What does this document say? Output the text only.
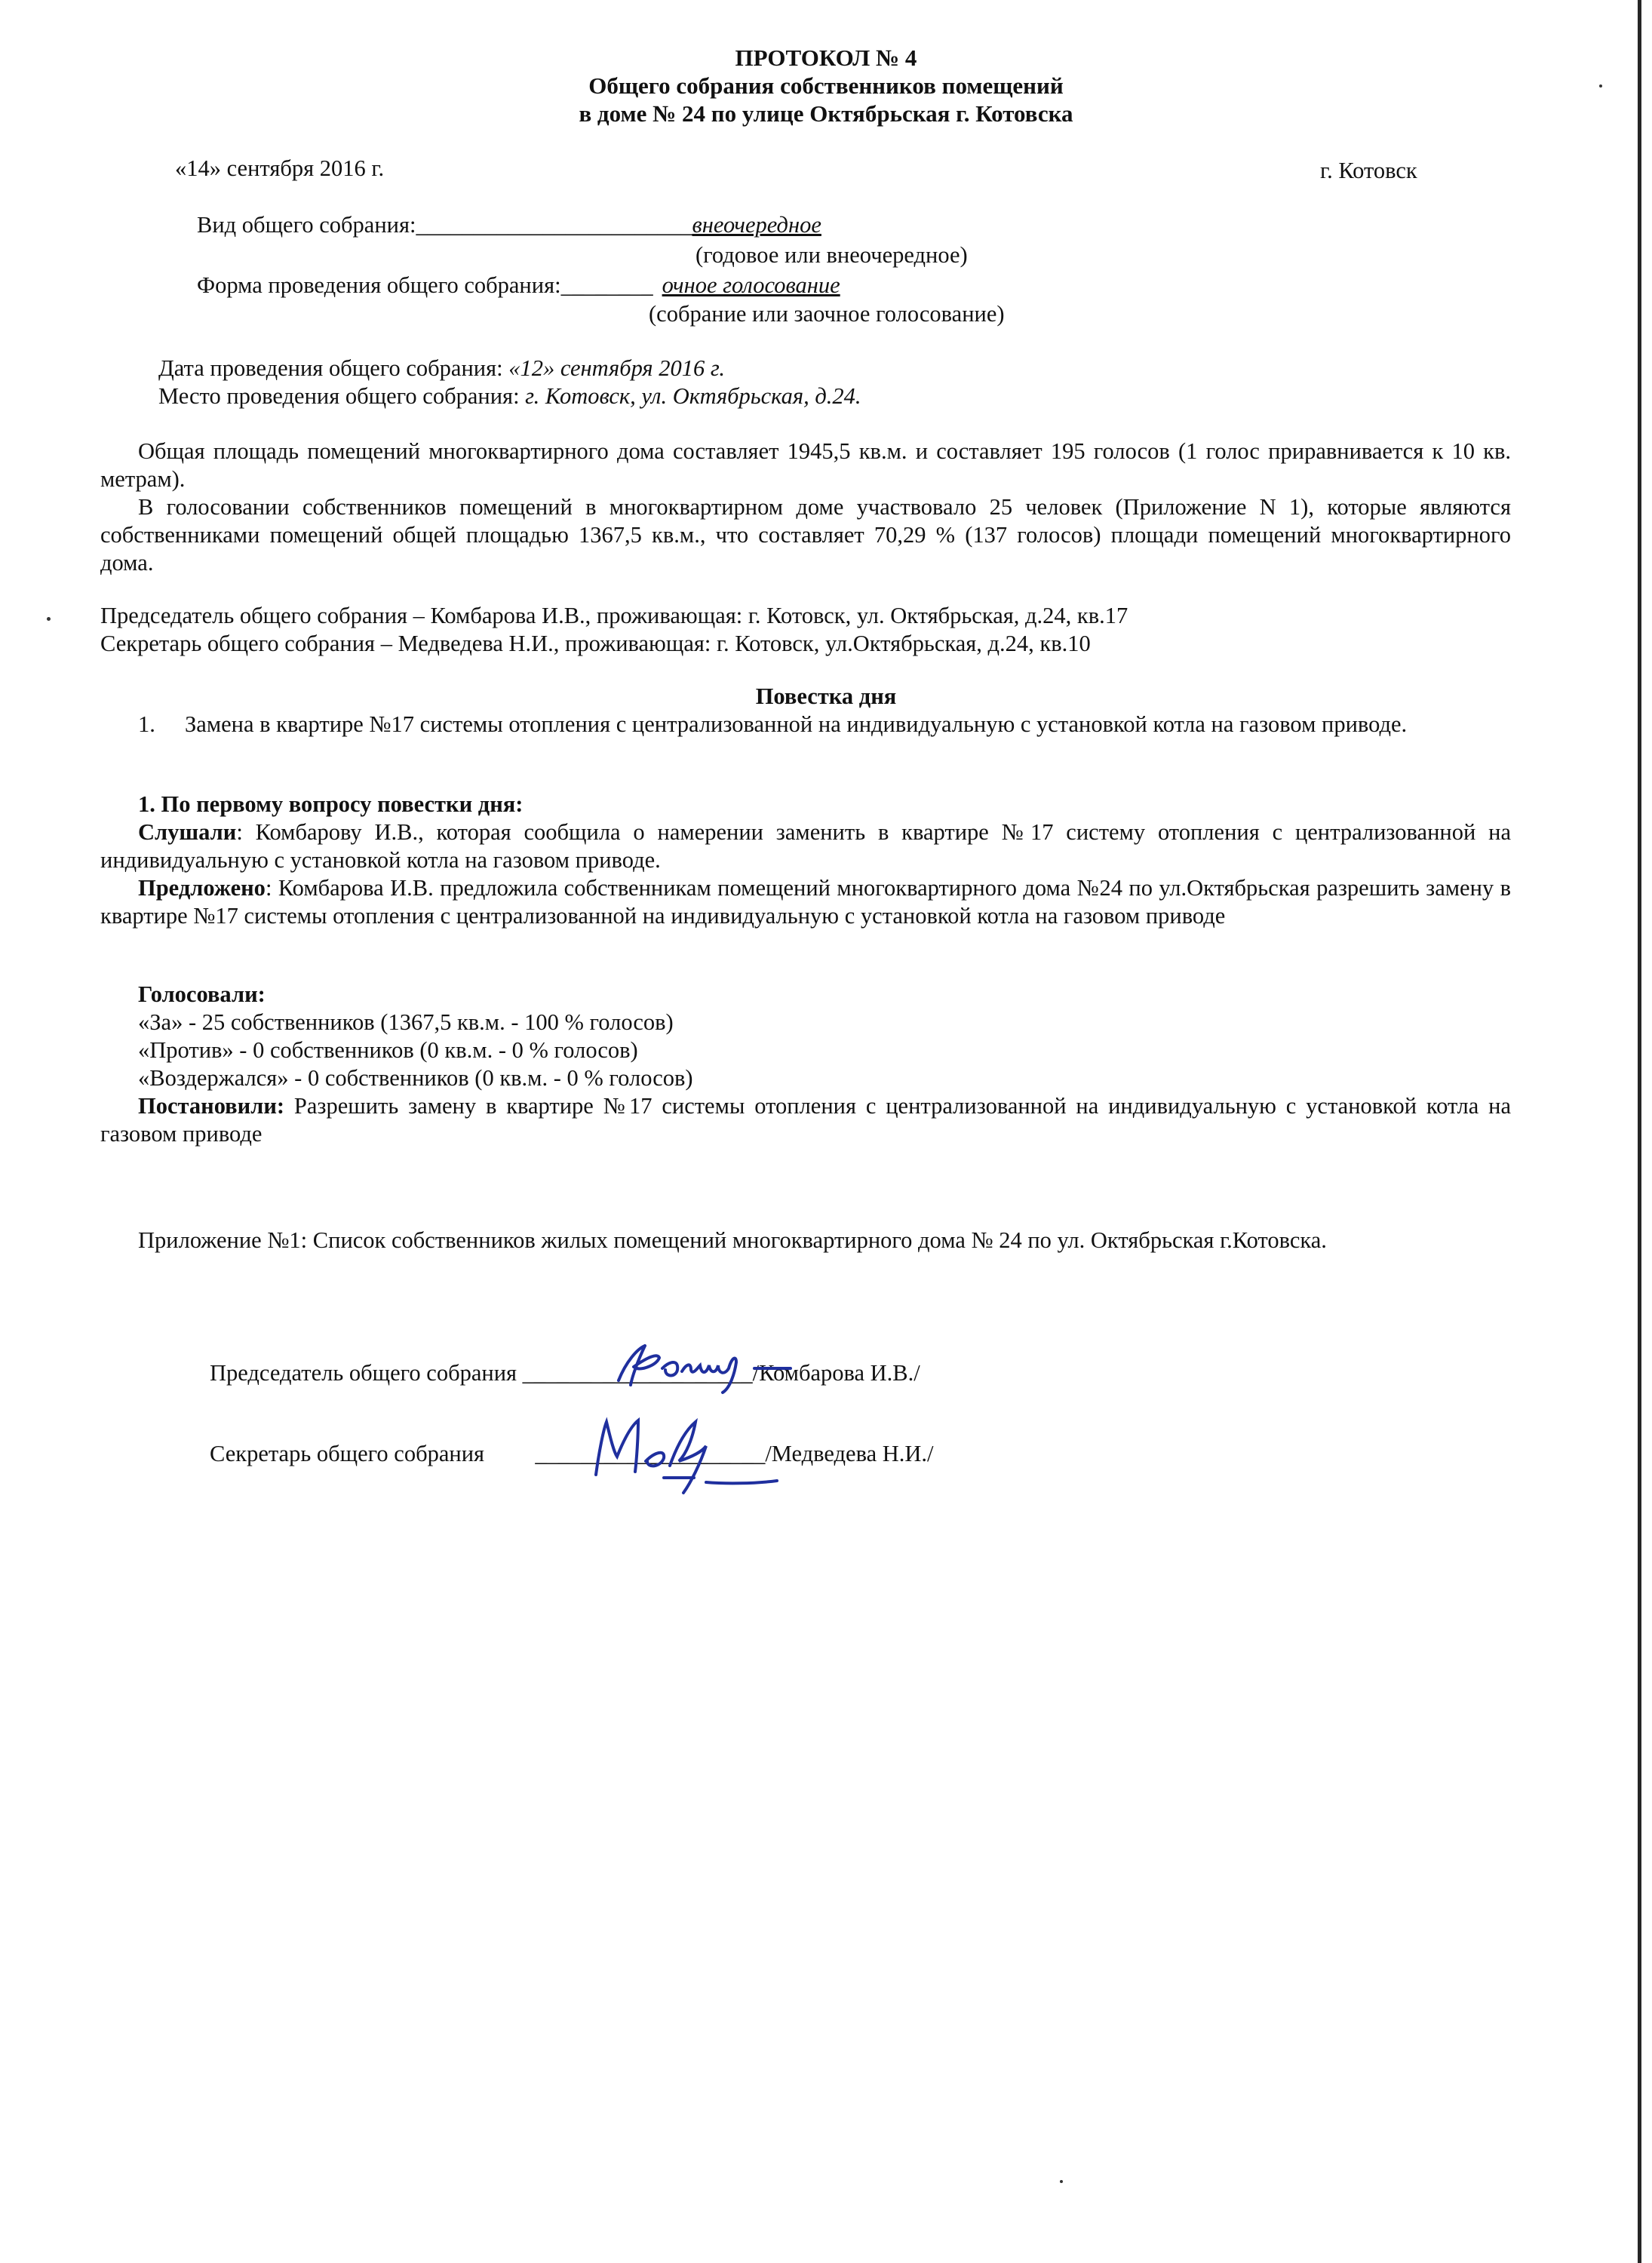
ПРОТОКОЛ № 4
Общего собрания собственников помещений
в доме № 24 по улице Октябрьская г. Котовска
«14» сентября 2016 г.	г. Котовск
Вид общего собрания:________________________внеочередное
(годовое или внеочередное)
Форма проведения общего собрания:________ очное голосование
(собрание или заочное голосование)
Дата проведения общего собрания: «12» сентября 2016 г.
Место проведения общего собрания: г. Котовск, ул. Октябрьская, д.24.
Общая площадь помещений многоквартирного дома составляет 1945,5 кв.м. и составляет 195 голосов (1 голос приравнивается к 10 кв. метрам).
В голосовании собственников помещений в многоквартирном доме участвовало 25 человек (Приложение N 1), которые являются собственниками помещений общей площадью 1367,5 кв.м., что составляет 70,29 % (137 голосов) площади помещений многоквартирного дома.
Председатель общего собрания – Комбарова И.В., проживающая: г. Котовск, ул. Октябрьская, д.24, кв.17
Секретарь общего собрания – Медведева Н.И., проживающая: г. Котовск, ул.Октябрьская, д.24, кв.10
Повестка дня
1. Замена в квартире №17 системы отопления с централизованной на индивидуальную с установкой котла на газовом приводе.
1. По первому вопросу повестки дня:
Слушали: Комбарову И.В., которая сообщила о намерении заменить в квартире №17 систему отопления с централизованной на индивидуальную с установкой котла на газовом приводе.
Предложено: Комбарова И.В. предложила собственникам помещений многоквартирного дома №24 по ул.Октябрьская разрешить замену в квартире №17 системы отопления с централизованной на индивидуальную с установкой котла на газовом приводе
Голосовали:
«За» - 25 собственников (1367,5 кв.м. - 100 % голосов)
«Против» - 0 собственников (0 кв.м. - 0 % голосов)
«Воздержался» - 0 собственников (0 кв.м. - 0 % голосов)
Постановили: Разрешить замену в квартире №17 системы отопления с централизованной на индивидуальную с установкой котла на газовом приводе
Приложение №1: Список собственников жилых помещений многоквартирного дома № 24 по ул. Октябрьская г.Котовска.
Председатель общего собрания ____________________/Комбарова И.В./
Секретарь общего собрания ____________________/Медведева Н.И./
